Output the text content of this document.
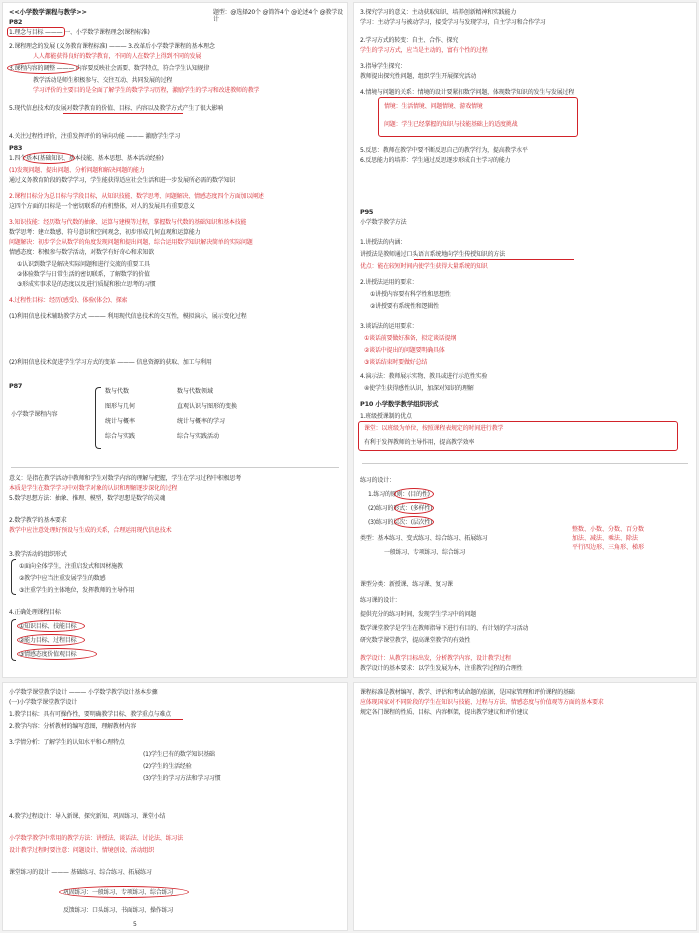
<<小学数学课程与教学>>	题型：@选择20个 @简答4个 @论述4个 @教学设计
P82
1.理念与目标 ——— 一、小学数学课程理念(课程标准)
2.课程理念的发展 (义务教育课程标准) ——— 3.改革后小学数学课程的基本理念
人人都能获得良好的数学教育，不同的人在数学上得到不同的发展
3.课程内容的调整 ——— 内容要反映社会需要、数学特点，符合学生认知规律
教学活动是师生积极参与、交往互动、共同发展的过程
学习评价的主要目的是全面了解学生的数学学习历程，激励学生的学习和改进教师的教学
5.现代信息技术的发展对数学教育的价值、目标、内容以及教学方式产生了很大影响
4.关注过程性评价，注重发挥评价的导向功能 ——— 激励学生学习
P83
1.四个基本(基础知识、基本技能、基本思想、基本活动经验)
(1)发现问题、提出问题、分析问题和解决问题的能力
通过义务教育阶段的数学学习，学生能获得适应社会生活和进一步发展所必需的数学知识
2.课程目标分为总目标与学段目标，从知识技能、数学思考、问题解决、情感态度四个方面加以阐述
这四个方面的目标是一个密切联系的有机整体，对人的发展具有重要意义
3.知识技能：经历数与代数的抽象、运算与建模等过程，掌握数与代数的基础知识和基本技能
数学思考：建立数感、符号意识和空间观念，初步形成几何直观和运算能力
问题解决：初步学会从数学的角度发现问题和提出问题，综合运用数学知识解决简单的实际问题
情感态度：积极参与数学活动，对数学有好奇心和求知欲
①认识到数学是解决实际问题和进行交流的重要工具
②体验数学与日常生活的密切联系，了解数学的价值
③形成实事求是的态度以及进行质疑和独立思考的习惯
4.过程性目标：经历(感受)、体验(体会)、探索
(1)利用信息技术辅助教学方式 ——— 利用现代信息技术的交互性，模拟演示，展示变化过程
(2)利用信息技术促进学生学习方式的变革 ——— 信息资源的获取、加工与利用
P87
小学数学课程内容
数与代数	数与代数领域
图形与几何	直观认识与图形的变换
统计与概率	统计与概率的学习
综合与实践	综合与实践活动
意义：是指在教学活动中教师和学生对数学内容的理解与把握，学生在学习过程中积极思考
本质是学生在数学学习中对数学对象的认识和理解逐步深化的过程
5.数学思想方法：抽象、推理、模型，数学思想是数学的灵魂
2.数学教学的基本要求
教学中应注意处理好预设与生成的关系，合理运用现代信息技术
3.教学活动的组织形式
①面向全体学生，注重启发式和因材施教
②教学中应当注重发展学生的数感
③注重学生的主体地位，发挥教师的主导作用
4.正确处理课程目标
①知识目标、技能目标
②能力目标、过程目标
③情感态度价值观目标
3.探究学习的意义：主动获取知识、培养创新精神和实践能力
学习：主动学习与被动学习，接受学习与发现学习，自主学习和合作学习
2.学习方式的转变：自主、合作、探究
学生的学习方式，应当是主动的，富有个性的过程
3.指导学生探究：
教师提出探究性问题，组织学生开展探究活动
4.情境与问题的关系：情境的设计要紧扣数学问题，体现数学知识的发生与发展过程
情境：生活情境、问题情境、游戏情境
问题：学生已经掌握的知识与技能基础上的适度挑战
5.反思：教师在教学中要不断反思自己的教学行为，提高教学水平
6.反思能力的培养：学生通过反思逐步形成自主学习的能力
P95
小学数学教学方法
1.讲授法的内涵：
讲授法是教师通过口头语言系统地向学生传授知识的方法
优点：能在较短时间内使学生获得大量系统的知识
2.讲授法运用的要求：
①讲授内容要有科学性和思想性
②讲授要有系统性和逻辑性
3.谈话法的运用要求：
①谈话前要做好准备，拟定谈话提纲
②谈话中提出的问题要明确具体
③谈话结束时要做好总结
4.演示法：教师展示实物、教具或进行示范性实验
④使学生获得感性认识，加深对知识的理解
P10 小学数学教学组织形式
1.班级授课制的优点
课堂：以班级为单位，按照课程表规定的时间进行教学
有利于发挥教师的主导作用，提高教学效率
练习的设计：
1.练习的原则：(目的性)
(2)练习的形式：(多样性)
(3)练习的层次：(层次性)
类型：基本练习、变式练习、综合练习、拓展练习
一般练习、专项练习、综合练习
整数、小数、分数、百分数
加法、减法、乘法、除法
平行四边形、三角形、梯形
课型分类：新授课、练习课、复习课
练习课的设计：
提供充分的练习时间，发现学生学习中的问题
数学课堂教学是学生在教师指导下进行有目的、有计划的学习活动
研究数学课堂教学，提高课堂教学的有效性
教学设计：从教学目标出发，分析教学内容，设计教学过程
教学设计的基本要求：以学生发展为本，注重教学过程的合理性
小学数学课堂教学设计 ——— 小学数学教学设计基本步骤
(一)小学数学课堂教学设计
1.教学目标：具有可操作性，要明确教学目标、教学重点与难点
2.教学内容：分析教材的编写意图，理解教材内容
3.学情分析：了解学生的认知水平和心理特点
(1)学生已有的数学知识基础
(2)学生的生活经验
(3)学生的学习方法和学习习惯
4.教学过程设计：导入新课、探究新知、巩固练习、课堂小结
小学数学教学中常用的教学方法：讲授法、谈话法、讨论法、练习法
设计教学过程时要注意：问题设计、情境创设、活动组织
课堂练习的设计 ——— 基础练习、综合练习、拓展练习
巩固练习：一般练习、专项练习、综合练习
反馈练习：口头练习、书面练习、操作练习
5
课程标准是教材编写、教学、评估和考试命题的依据，是国家管理和评价课程的基础
应体现国家对不同阶段的学生在知识与技能、过程与方法、情感态度与价值观等方面的基本要求
规定各门课程的性质、目标、内容框架，提出教学建议和评价建议
